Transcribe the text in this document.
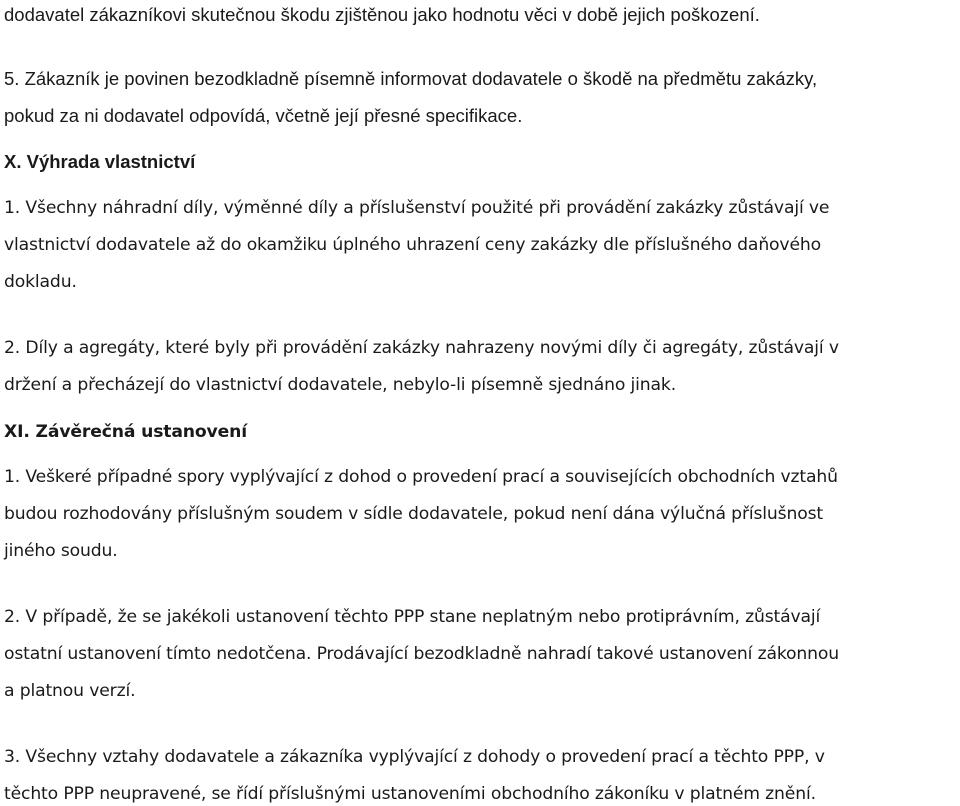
dodavatel zákazníkovi skutečnou škodu zjištěnou jako hodnotu věci v době jejich poškození.
5. Zákazník je povinen bezodkladně písemně informovat dodavatele o škodě na předmětu zakázky,
pokud za ni dodavatel odpovídá, včetně její přesné specifikace.
X. Výhrada vlastnictví
1. Všechny náhradní díly, výměnné díly a příslušenství použité při provádění zakázky zůstávají ve
vlastnictví dodavatele až do okamžiku úplného uhrazení ceny zakázky dle příslušného daňového
dokladu.
2. Díly a agregáty, které byly při provádění zakázky nahrazeny novými díly či agregáty, zůstávají v
držení a přecházejí do vlastnictví dodavatele, nebylo-li písemně sjednáno jinak.
XI. Závěrečná ustanovení
1. Veškeré případné spory vyplývající z dohod o provedení prací a souvisejících obchodních vztahů
budou rozhodovány příslušným soudem v sídle dodavatele, pokud není dána výlučná příslušnost
jiného soudu.
2. V případě, že se jakékoli ustanovení těchto PPP stane neplatným nebo protiprávním, zůstávají
ostatní ustanovení tímto nedotčena. Prodávající bezodkladně nahradí takové ustanovení zákonnou
a platnou verzí.
3. Všechny vztahy dodavatele a zákazníka vyplývající z dohody o provedení prací a těchto PPP, v
těchto PPP neupravené, se řídí příslušnými ustanoveními obchodního zákoníku v platném znění.
